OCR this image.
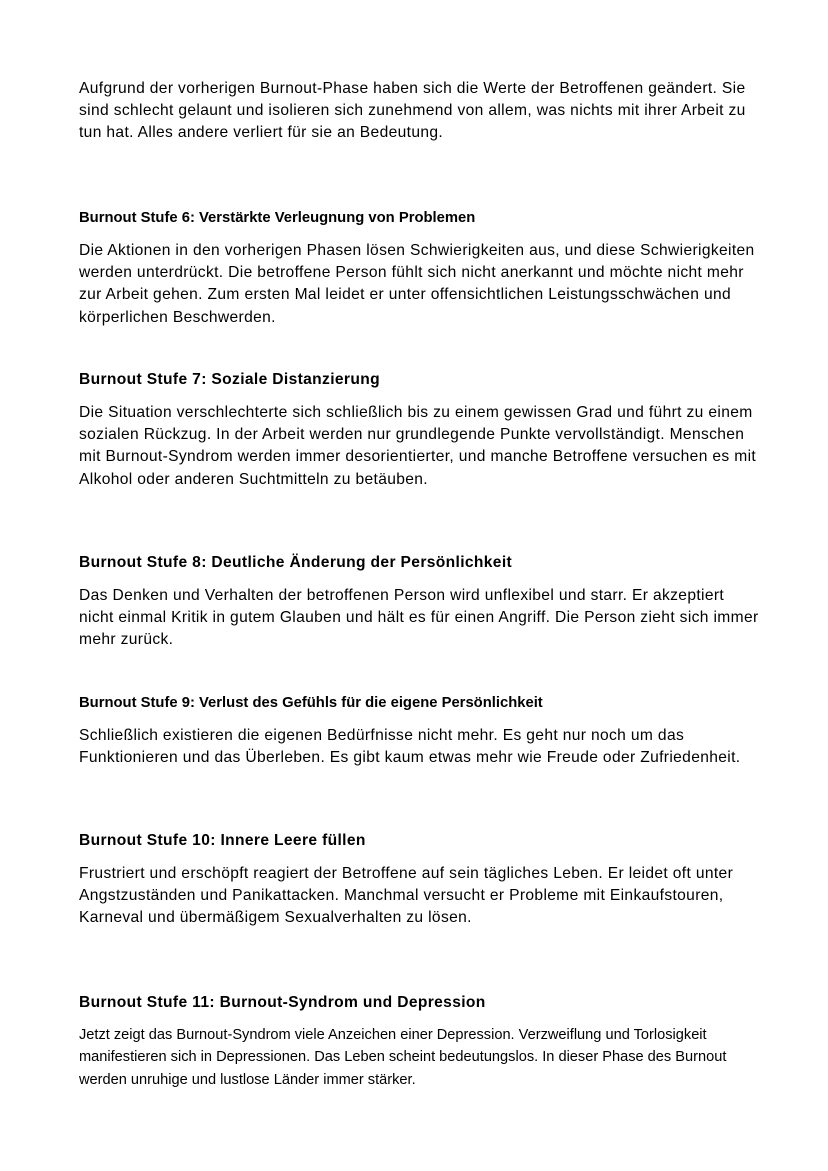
Aufgrund der vorherigen Burnout-Phase haben sich die Werte der Betroffenen geändert. Sie sind schlecht gelaunt und isolieren sich zunehmend von allem, was nichts mit ihrer Arbeit zu tun hat. Alles andere verliert für sie an Bedeutung.

Burnout Stufe 6: Verstärkte Verleugnung von Problemen

Die Aktionen in den vorherigen Phasen lösen Schwierigkeiten aus, und diese Schwierigkeiten werden unterdrückt. Die betroffene Person fühlt sich nicht anerkannt und möchte nicht mehr zur Arbeit gehen. Zum ersten Mal leidet er unter offensichtlichen Leistungsschwächen und körperlichen Beschwerden.

Burnout Stufe 7: Soziale Distanzierung

Die Situation verschlechterte sich schließlich bis zu einem gewissen Grad und führt zu einem sozialen Rückzug. In der Arbeit werden nur grundlegende Punkte vervollständigt. Menschen mit Burnout-Syndrom werden immer desorientierter, und manche Betroffene versuchen es mit Alkohol oder anderen Suchtmitteln zu betäuben.

Burnout Stufe 8: Deutliche Änderung der Persönlichkeit

Das Denken und Verhalten der betroffenen Person wird unflexibel und starr. Er akzeptiert nicht einmal Kritik in gutem Glauben und hält es für einen Angriff. Die Person zieht sich immer mehr zurück.

Burnout Stufe 9: Verlust des Gefühls für die eigene Persönlichkeit

Schließlich existieren die eigenen Bedürfnisse nicht mehr. Es geht nur noch um das Funktionieren und das Überleben. Es gibt kaum etwas mehr wie Freude oder Zufriedenheit.

Burnout Stufe 10: Innere Leere füllen

Frustriert und erschöpft reagiert der Betroffene auf sein tägliches Leben. Er leidet oft unter Angstzuständen und Panikattacken. Manchmal versucht er Probleme mit Einkaufstouren, Karneval und übermäßigem Sexualverhalten zu lösen.

Burnout Stufe 11: Burnout-Syndrom und Depression

Jetzt zeigt das Burnout-Syndrom viele Anzeichen einer Depression. Verzweiflung und Torlosigkeit manifestieren sich in Depressionen. Das Leben scheint bedeutungslos. In dieser Phase des Burnout werden unruhige und lustlose Länder immer stärker.
